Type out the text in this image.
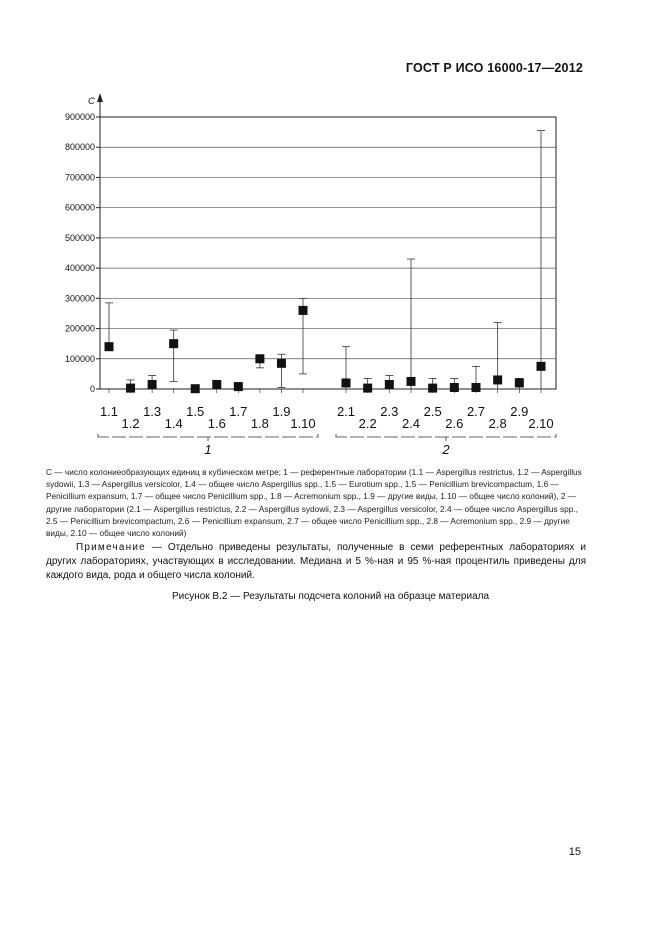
ГОСТ Р ИСО 16000-17—2012
0
100000
200000
300000
400000
500000
600000
700000
800000
900000
C
1.1
1.2
1.3
1.4
1.5
1.6
1.7
1.8
1.9
1.10
2.1
2.2
2.3
2.4
2.5
2.6
2.7
2.8
2.9
2.10
1	2

С — число колониеобразующих единиц в кубическом метре; 1 — референтные лаборатории (1.1 — Aspergillus restrictus, 1.2 — Aspergillus sydowii, 1.3 — Aspergillus versicolor, 1.4 — общее число Aspergillus spp., 1.5 — Eurotium spp., 1.5 — Penicillium brevicompactum, 1.6 — Penicillium expansum, 1.7 — общее число Penicillium spp., 1.8 — Acremonium spp., 1.9 — другие виды, 1.10 — общее число колоний), 2 — другие лаборатории (2.1 — Aspergillus restrictus, 2.2 — Aspergillus sydowii, 2.3 — Aspergillus versicolor, 2.4 — общее число Aspergillus spp., 2.5 — Penicillium brevicompactum, 2.6 — Penicillium expansum, 2.7 — общее число Penicillium spp., 2.8 — Acremonium spp., 2.9 — другие виды, 2.10 — общее число колоний)

Примечание — Отдельно приведены результаты, полученные в семи референтных лабораториях и других лабораториях, участвующих в исследовании. Медиана и 5 %-ная и 95 %-ная процентиль приведены для каждого вида, рода и общего числа колоний.
Рисунок В.2 — Результаты подсчета колоний на образце материала
15
